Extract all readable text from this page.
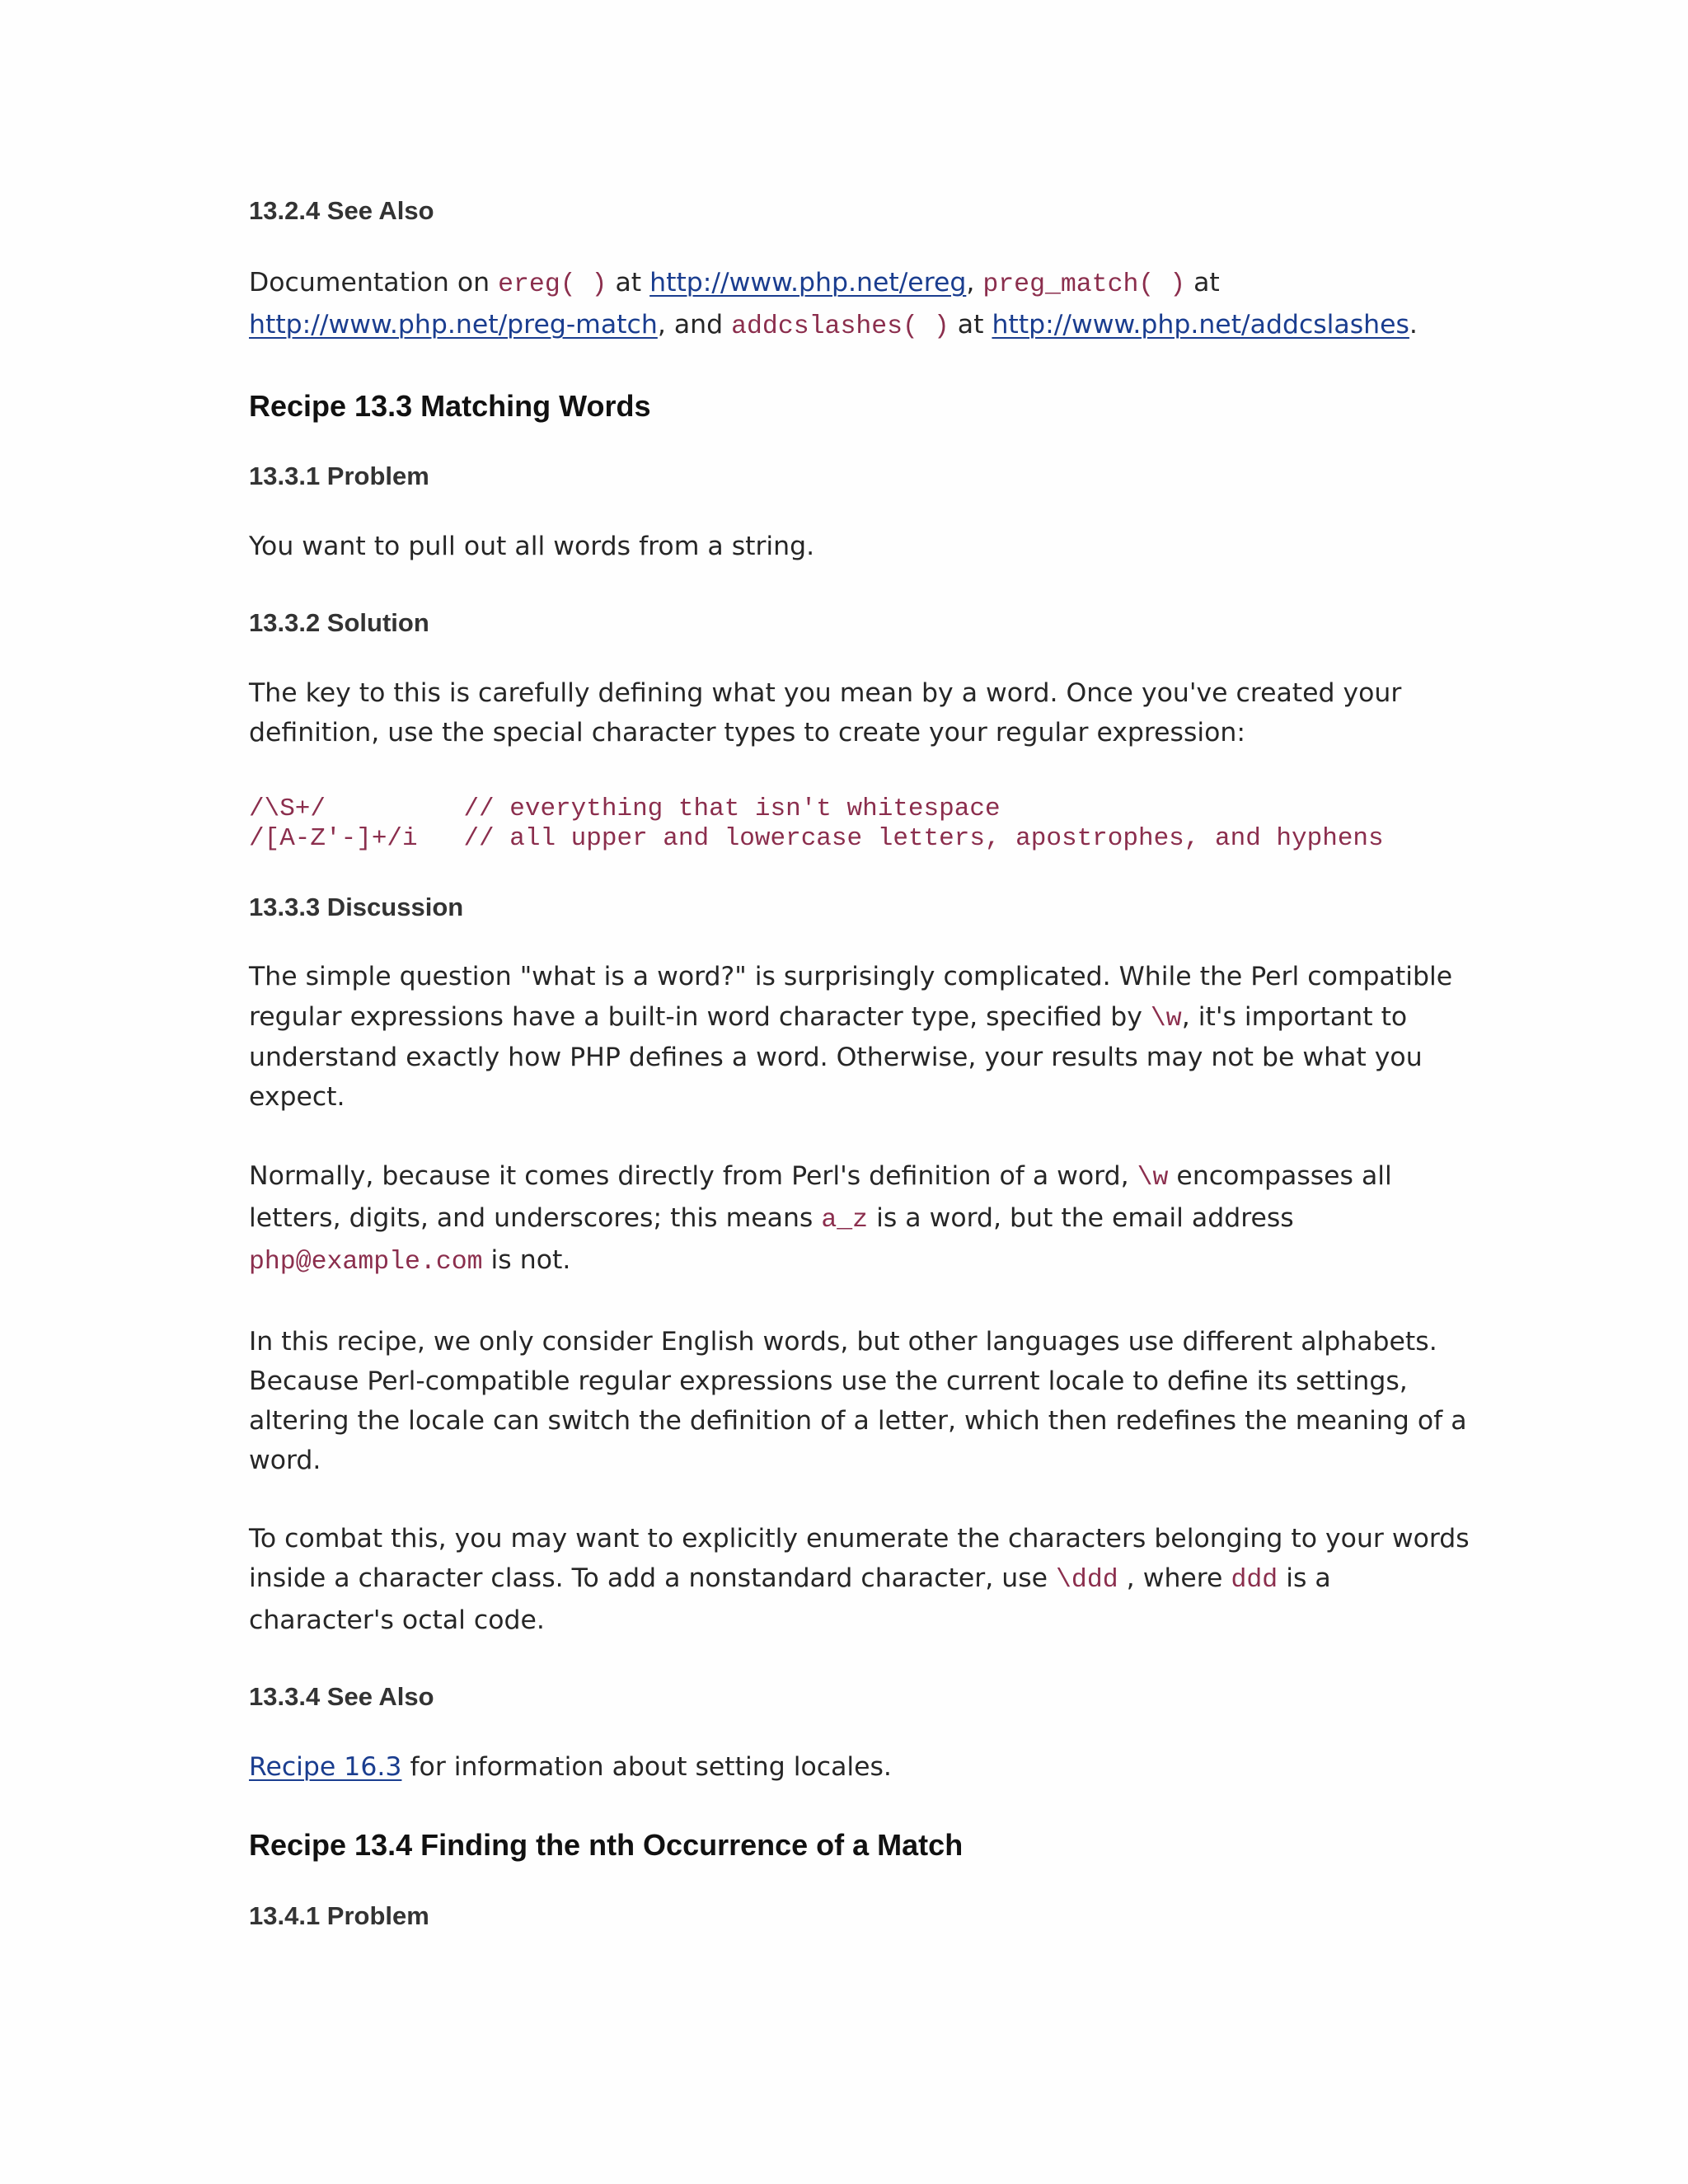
13.2.4 See Also
Documentation on ereg( ) at http://www.php.net/ereg, preg_match( ) at
http://www.php.net/preg-match, and addcslashes( ) at http://www.php.net/addcslashes.
Recipe 13.3 Matching Words
13.3.1 Problem
You want to pull out all words from a string.
13.3.2 Solution
The key to this is carefully defining what you mean by a word. Once you've created your
definition, use the special character types to create your regular expression:
/\S+/         // everything that isn't whitespace
/[A-Z'-]+/i   // all upper and lowercase letters, apostrophes, and hyphens
13.3.3 Discussion
The simple question "what is a word?" is surprisingly complicated. While the Perl compatible
regular expressions have a built-in word character type, specified by \w, it's important to
understand exactly how PHP defines a word. Otherwise, your results may not be what you
expect.
Normally, because it comes directly from Perl's definition of a word, \w encompasses all
letters, digits, and underscores; this means a_z is a word, but the email address
php@example.com is not.
In this recipe, we only consider English words, but other languages use different alphabets.
Because Perl-compatible regular expressions use the current locale to define its settings,
altering the locale can switch the definition of a letter, which then redefines the meaning of a
word.
To combat this, you may want to explicitly enumerate the characters belonging to your words
inside a character class. To add a nonstandard character, use \ddd , where ddd is a
character's octal code.
13.3.4 See Also
Recipe 16.3 for information about setting locales.
Recipe 13.4 Finding the nth Occurrence of a Match
13.4.1 Problem
